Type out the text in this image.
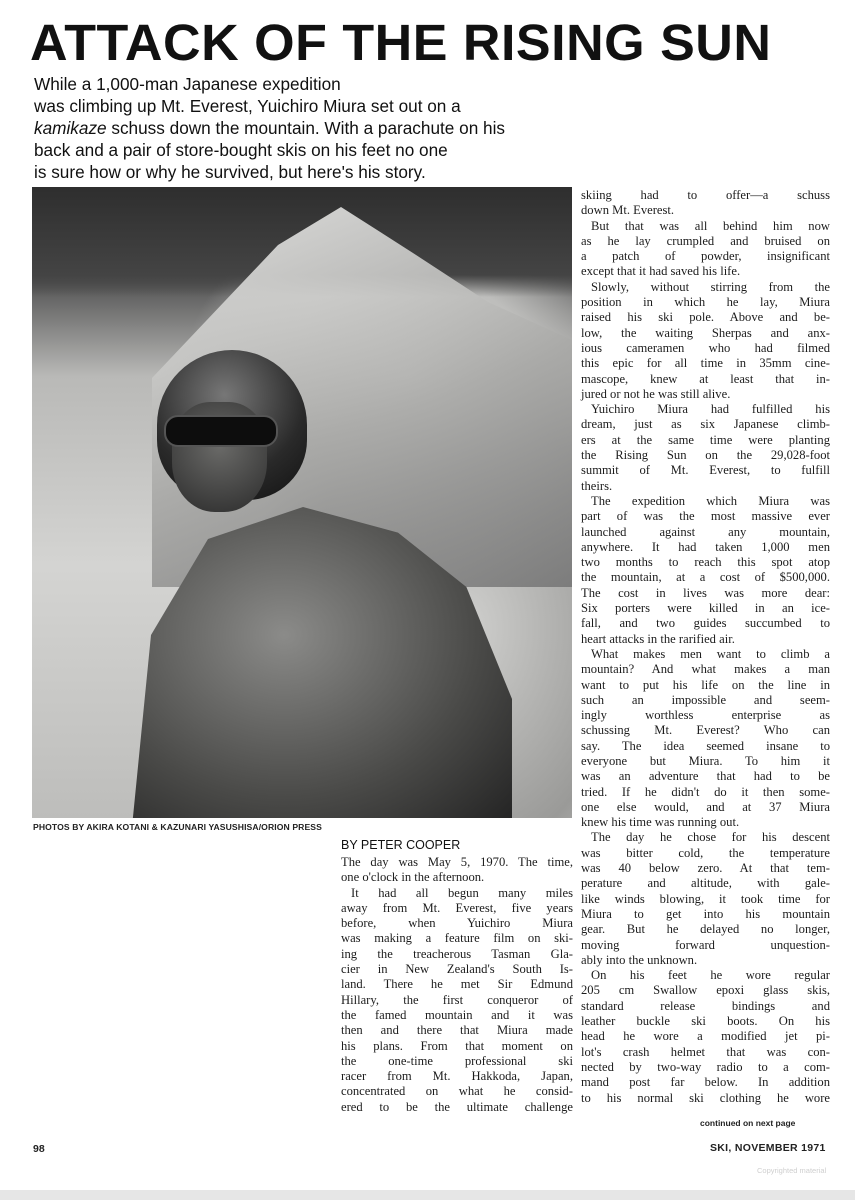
ATTACK OF THE RISING SUN
While a 1,000-man Japanese expedition
was climbing up Mt. Everest, Yuichiro Miura set out on a
kamikaze schuss down the mountain. With a parachute on his
back and a pair of store-bought skis on his feet no one
is sure how or why he survived, but here's his story.
PHOTOS BY AKIRA KOTANI & KAZUNARI YASUSHISA/ORION PRESS
BY PETER COOPER
The day was May 5, 1970. The time,
one o'clock in the afternoon.
It had all begun many miles
away from Mt. Everest, five years
before, when Yuichiro Miura
was making a feature film on ski-
ing the treacherous Tasman Gla-
cier in New Zealand's South Is-
land. There he met Sir Edmund
Hillary, the first conqueror of
the famed mountain and it was
then and there that Miura made
his plans. From that moment on
the one-time professional ski
racer from Mt. Hakkoda, Japan,
concentrated on what he consid-
ered to be the ultimate challenge
skiing had to offer—a schuss
down Mt. Everest.
But that was all behind him now
as he lay crumpled and bruised on
a patch of powder, insignificant
except that it had saved his life.
Slowly, without stirring from the
position in which he lay, Miura
raised his ski pole. Above and be-
low, the waiting Sherpas and anx-
ious cameramen who had filmed
this epic for all time in 35mm cine-
mascope, knew at least that in-
jured or not he was still alive.
Yuichiro Miura had fulfilled his
dream, just as six Japanese climb-
ers at the same time were planting
the Rising Sun on the 29,028-foot
summit of Mt. Everest, to fulfill
theirs.
The expedition which Miura was
part of was the most massive ever
launched against any mountain,
anywhere. It had taken 1,000 men
two months to reach this spot atop
the mountain, at a cost of $500,000.
The cost in lives was more dear:
Six porters were killed in an ice-
fall, and two guides succumbed to
heart attacks in the rarified air.
What makes men want to climb a
mountain? And what makes a man
want to put his life on the line in
such an impossible and seem-
ingly worthless enterprise as
schussing Mt. Everest? Who can
say. The idea seemed insane to
everyone but Miura. To him it
was an adventure that had to be
tried. If he didn't do it then some-
one else would, and at 37 Miura
knew his time was running out.
The day he chose for his descent
was bitter cold, the temperature
was 40 below zero. At that tem-
perature and altitude, with gale-
like winds blowing, it took time for
Miura to get into his mountain
gear. But he delayed no longer,
moving forward unquestion-
ably into the unknown.
On his feet he wore regular
205 cm Swallow epoxi glass skis,
standard release bindings and
leather buckle ski boots. On his
head he wore a modified jet pi-
lot's crash helmet that was con-
nected by two-way radio to a com-
mand post far below. In addition
to his normal ski clothing he wore
continued on next page
98	SKI, NOVEMBER 1971
Copyrighted material
